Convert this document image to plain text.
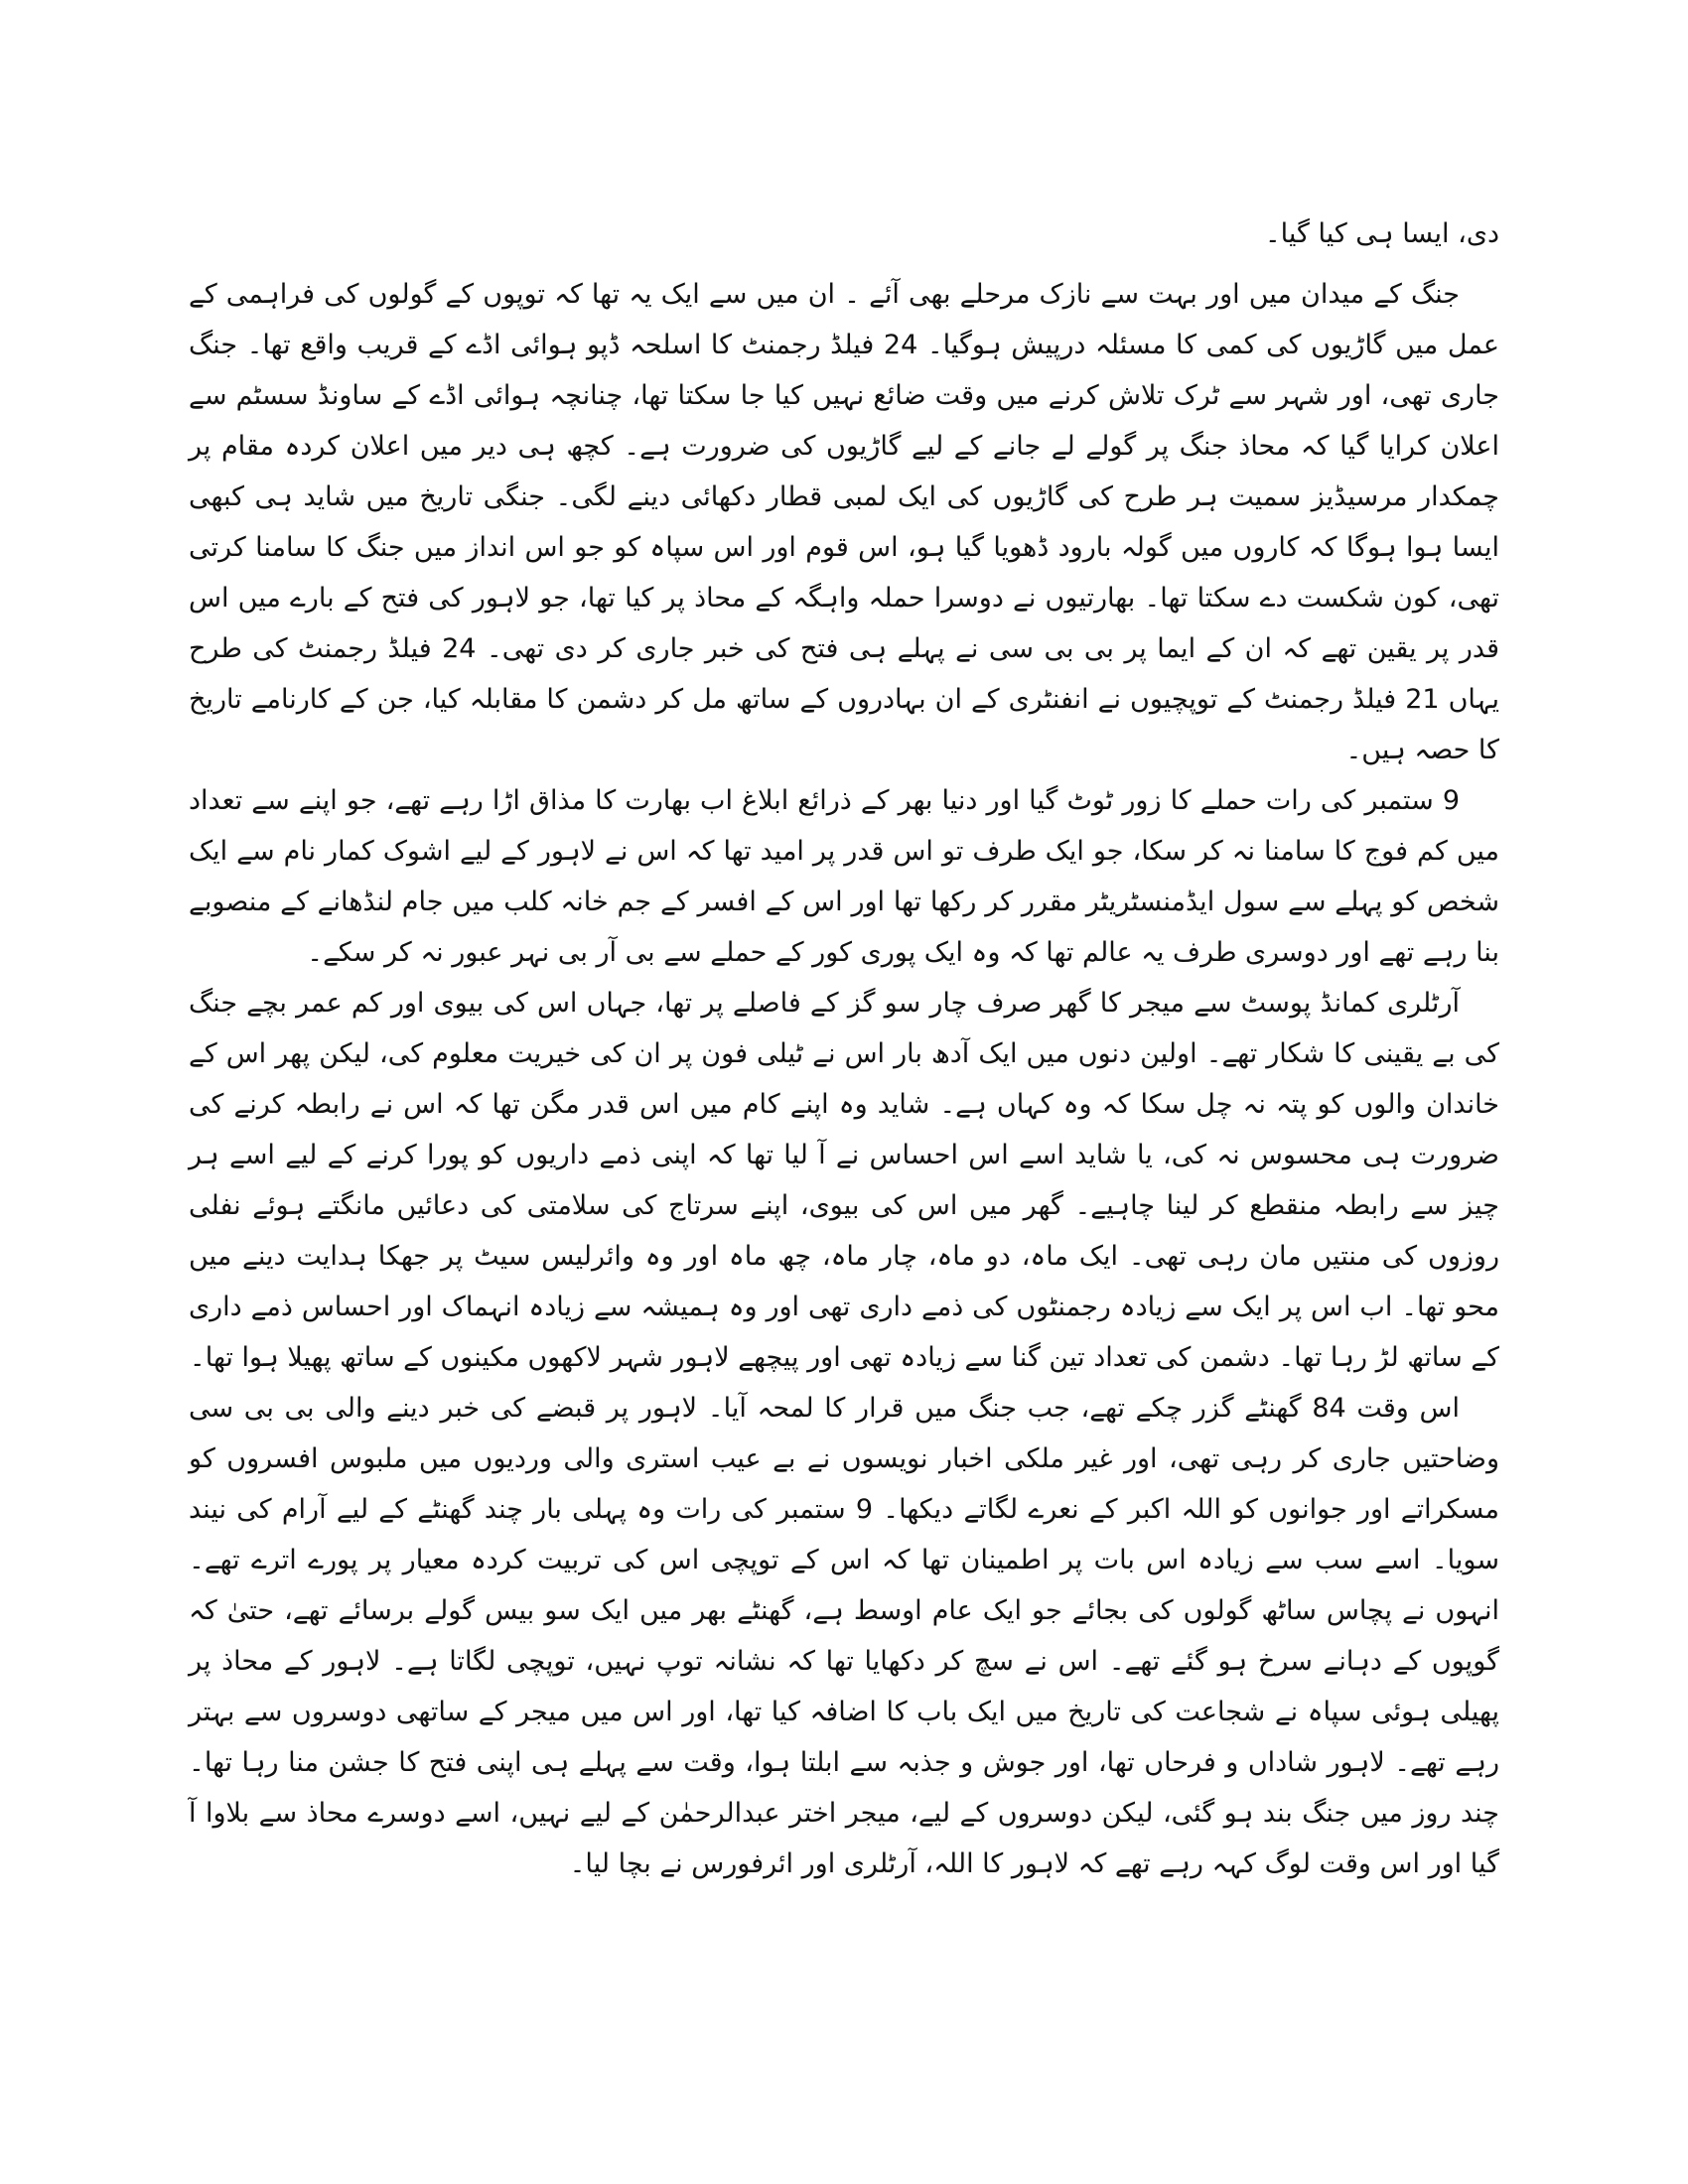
دی، ایسا ہی کیا گیا۔

جنگ کے میدان میں اور بہت سے نازک مرحلے بھی آئے ۔ ان میں سے ایک یہ تھا کہ توپوں کے گولوں کی فراہمی کے عمل میں گاڑیوں کی کمی کا مسئلہ درپیش ہوگیا۔ 24 فیلڈ رجمنٹ کا اسلحہ ڈپو ہوائی اڈے کے قریب واقع تھا۔ جنگ جاری تھی، اور شہر سے ٹرک تلاش کرنے میں وقت ضائع نہیں کیا جا سکتا تھا، چنانچہ ہوائی اڈے کے ساونڈ سسٹم سے اعلان کرایا گیا کہ محاذ جنگ پر گولے لے جانے کے لیے گاڑیوں کی ضرورت ہے۔ کچھ ہی دیر میں اعلان کردہ مقام پر چمکدار مرسیڈیز سمیت ہر طرح کی گاڑیوں کی ایک لمبی قطار دکھائی دینے لگی۔ جنگی تاریخ میں شاید ہی کبھی ایسا ہوا ہوگا کہ کاروں میں گولہ بارود ڈھویا گیا ہو، اس قوم اور اس سپاہ کو جو اس انداز میں جنگ کا سامنا کرتی تھی، کون شکست دے سکتا تھا۔ بھارتیوں نے دوسرا حملہ واہگہ کے محاذ پر کیا تھا، جو لاہور کی فتح کے بارے میں اس قدر پر یقین تھے کہ ان کے ایما پر بی بی سی نے پہلے ہی فتح کی خبر جاری کر دی تھی۔ 24 فیلڈ رجمنٹ کی طرح یہاں 21 فیلڈ رجمنٹ کے توپچیوں نے انفنٹری کے ان بہادروں کے ساتھ مل کر دشمن کا مقابلہ کیا، جن کے کارنامے تاریخ کا حصہ ہیں۔

9 ستمبر کی رات حملے کا زور ٹوٹ گیا اور دنیا بھر کے ذرائع ابلاغ اب بھارت کا مذاق اڑا رہے تھے، جو اپنے سے تعداد میں کم فوج کا سامنا نہ کر سکا، جو ایک طرف تو اس قدر پر امید تھا کہ اس نے لاہور کے لیے اشوک کمار نام سے ایک شخص کو پہلے سے سول ایڈمنسٹریٹر مقرر کر رکھا تھا اور اس کے افسر کے جم خانہ کلب میں جام لنڈھانے کے منصوبے بنا رہے تھے اور دوسری طرف یہ عالم تھا کہ وہ ایک پوری کور کے حملے سے بی آر بی نہر عبور نہ کر سکے۔

آرٹلری کمانڈ پوسٹ سے میجر کا گھر صرف چار سو گز کے فاصلے پر تھا، جہاں اس کی بیوی اور کم عمر بچے جنگ کی بے یقینی کا شکار تھے۔ اولین دنوں میں ایک آدھ بار اس نے ٹیلی فون پر ان کی خیریت معلوم کی، لیکن پھر اس کے خاندان والوں کو پتہ نہ چل سکا کہ وہ کہاں ہے۔ شاید وہ اپنے کام میں اس قدر مگن تھا کہ اس نے رابطہ کرنے کی ضرورت ہی محسوس نہ کی، یا شاید اسے اس احساس نے آ لیا تھا کہ اپنی ذمے داریوں کو پورا کرنے کے لیے اسے ہر چیز سے رابطہ منقطع کر لینا چاہیے۔ گھر میں اس کی بیوی، اپنے سرتاج کی سلامتی کی دعائیں مانگتے ہوئے نفلی روزوں کی منتیں مان رہی تھی۔ ایک ماہ، دو ماہ، چار ماہ، چھ ماہ اور وہ وائرلیس سیٹ پر جھکا ہدایت دینے میں محو تھا۔ اب اس پر ایک سے زیادہ رجمنٹوں کی ذمے داری تھی اور وہ ہمیشہ سے زیادہ انہماک اور احساس ذمے داری کے ساتھ لڑ رہا تھا۔ دشمن کی تعداد تین گنا سے زیادہ تھی اور پیچھے لاہور شہر لاکھوں مکینوں کے ساتھ پھیلا ہوا تھا۔

اس وقت 84 گھنٹے گزر چکے تھے، جب جنگ میں قرار کا لمحہ آیا۔ لاہور پر قبضے کی خبر دینے والی بی بی سی وضاحتیں جاری کر رہی تھی، اور غیر ملکی اخبار نویسوں نے بے عیب استری والی وردیوں میں ملبوس افسروں کو مسکراتے اور جوانوں کو اللہ اکبر کے نعرے لگاتے دیکھا۔ 9 ستمبر کی رات وہ پہلی بار چند گھنٹے کے لیے آرام کی نیند سویا۔ اسے سب سے زیادہ اس بات پر اطمینان تھا کہ اس کے توپچی اس کی تربیت کردہ معیار پر پورے اترے تھے۔ انہوں نے پچاس ساٹھ گولوں کی بجائے جو ایک عام اوسط ہے، گھنٹے بھر میں ایک سو بیس گولے برسائے تھے، حتیٰ کہ گوپوں کے دہانے سرخ ہو گئے تھے۔ اس نے سچ کر دکھایا تھا کہ نشانہ توپ نہیں، توپچی لگاتا ہے۔ لاہور کے محاذ پر پھیلی ہوئی سپاہ نے شجاعت کی تاریخ میں ایک باب کا اضافہ کیا تھا، اور اس میں میجر کے ساتھی دوسروں سے بہتر رہے تھے۔ لاہور شاداں و فرحاں تھا، اور جوش و جذبہ سے ابلتا ہوا، وقت سے پہلے ہی اپنی فتح کا جشن منا رہا تھا۔ چند روز میں جنگ بند ہو گئی، لیکن دوسروں کے لیے، میجر اختر عبدالرحمٰن کے لیے نہیں، اسے دوسرے محاذ سے بلاوا آ گیا اور اس وقت لوگ کہہ رہے تھے کہ لاہور کا اللہ، آرٹلری اور ائرفورس نے بچا لیا۔
